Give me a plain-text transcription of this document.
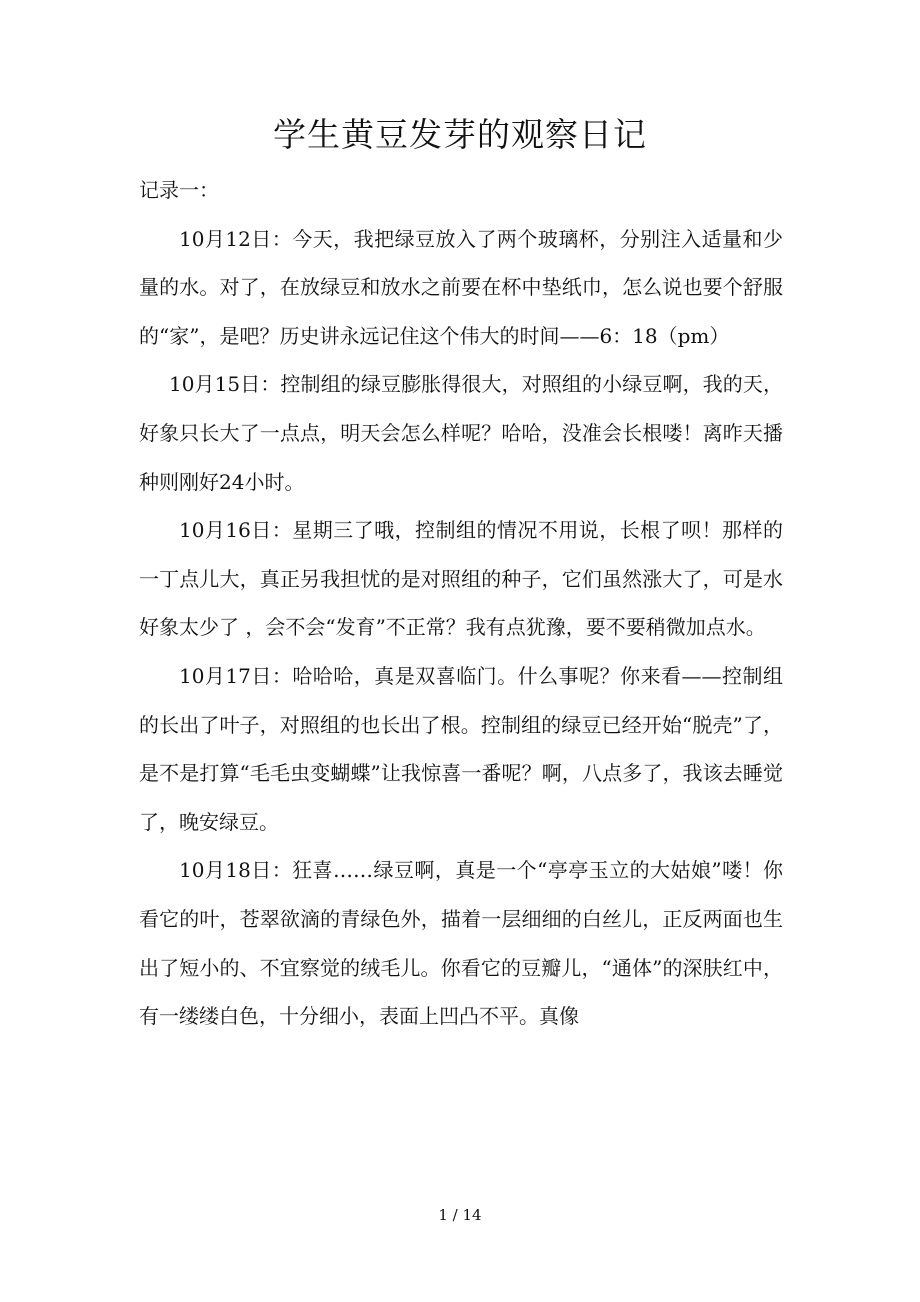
学生黄豆发芽的观察日记

记录一：

10月12日：今天，我把绿豆放入了两个玻璃杯，分别注入适量和少量的水。对了，在放绿豆和放水之前要在杯中垫纸巾，怎么说也要个舒服的“家”，是吧？历史讲永远记住这个伟大的时间——6：18（pm）

10月15日：控制组的绿豆膨胀得很大，对照组的小绿豆啊，我的天，好象只长大了一点点，明天会怎么样呢？哈哈，没准会长根喽！离昨天播种则刚好24小时。

10月16日：星期三了哦，控制组的情况不用说，长根了呗！那样的一丁点儿大，真正另我担忧的是对照组的种子，它们虽然涨大了，可是水好象太少了 ，会不会“发育”不正常？我有点犹豫，要不要稍微加点水。

10月17日：哈哈哈，真是双喜临门。什么事呢？你来看——控制组的长出了叶子，对照组的也长出了根。控制组的绿豆已经开始“脱壳”了，是不是打算“毛毛虫变蝴蝶”让我惊喜一番呢？啊，八点多了，我该去睡觉了，晚安绿豆。

10月18日：狂喜……绿豆啊，真是一个“亭亭玉立的大姑娘”喽！你看它的叶，苍翠欲滴的青绿色外，描着一层细细的白丝儿，正反两面也生出了短小的、不宜察觉的绒毛儿。你看它的豆瓣儿，“通体”的深肤红中，有一缕缕白色，十分细小，表面上凹凸不平。真像

1 / 14
